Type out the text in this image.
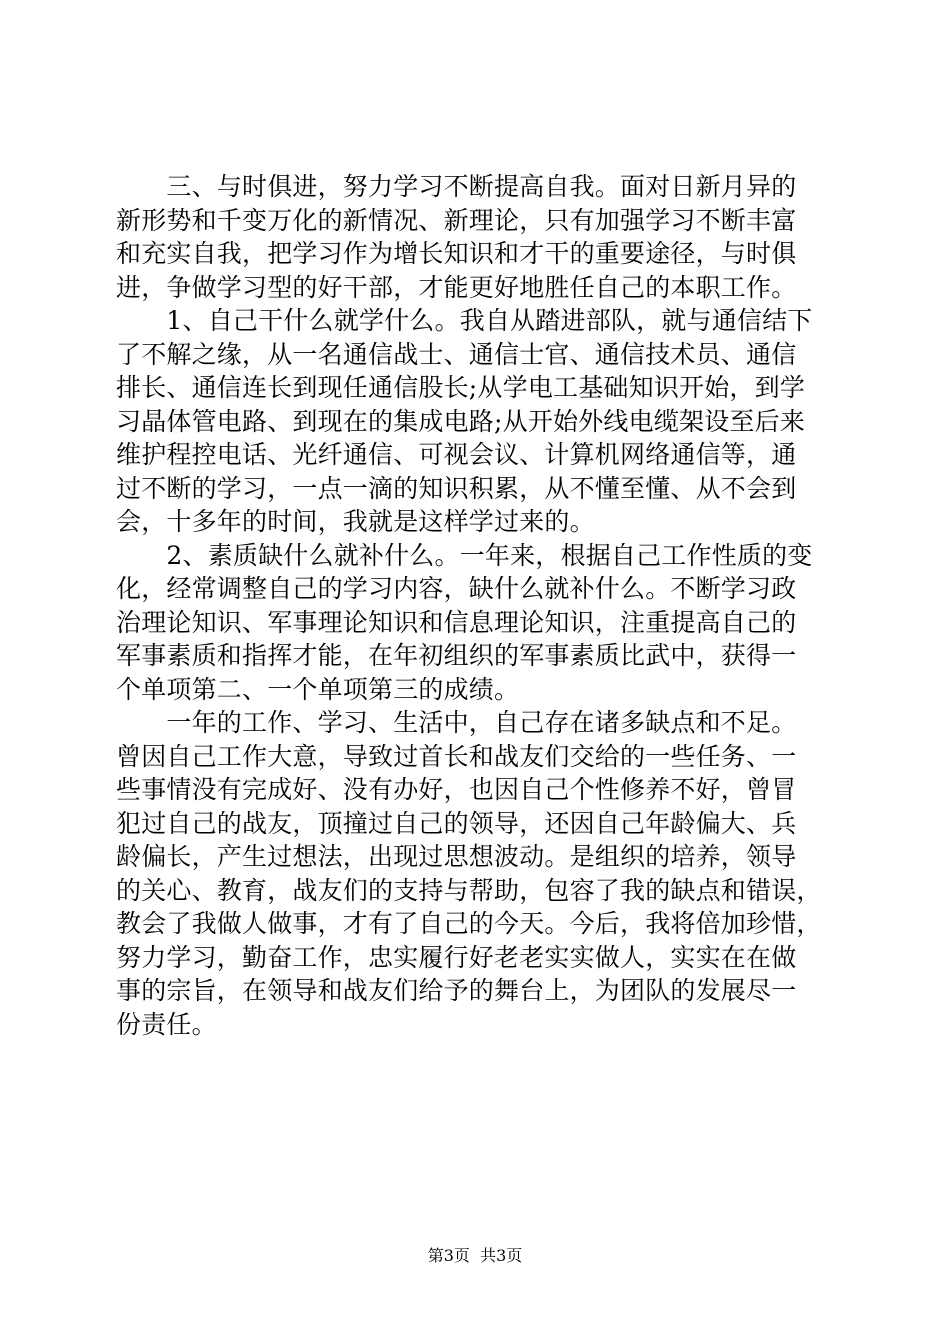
　　三、与时俱进，努力学习不断提高自我。面对日新月异的
新形势和千变万化的新情况、新理论，只有加强学习不断丰富
和充实自我，把学习作为增长知识和才干的重要途径，与时俱
进，争做学习型的好干部，才能更好地胜任自己的本职工作。
　　1、自己干什么就学什么。我自从踏进部队，就与通信结下
了不解之缘，从一名通信战士、通信士官、通信技术员、通信
排长、通信连长到现任通信股长;从学电工基础知识开始，到学
习晶体管电路、到现在的集成电路;从开始外线电缆架设至后来
维护程控电话、光纤通信、可视会议、计算机网络通信等，通
过不断的学习，一点一滴的知识积累，从不懂至懂、从不会到
会，十多年的时间，我就是这样学过来的。
　　2、素质缺什么就补什么。一年来，根据自己工作性质的变
化，经常调整自己的学习内容，缺什么就补什么。不断学习政
治理论知识、军事理论知识和信息理论知识，注重提高自己的
军事素质和指挥才能，在年初组织的军事素质比武中，获得一
个单项第二、一个单项第三的成绩。
　　一年的工作、学习、生活中，自己存在诸多缺点和不足。
曾因自己工作大意，导致过首长和战友们交给的一些任务、一
些事情没有完成好、没有办好，也因自己个性修养不好，曾冒
犯过自己的战友，顶撞过自己的领导，还因自己年龄偏大、兵
龄偏长，产生过想法，出现过思想波动。是组织的培养，领导
的关心、教育，战友们的支持与帮助，包容了我的缺点和错误，
教会了我做人做事，才有了自己的今天。今后，我将倍加珍惜，
努力学习，勤奋工作，忠实履行好老老实实做人，实实在在做
事的宗旨，在领导和战友们给予的舞台上，为团队的发展尽一
份责任。
第3页  共3页
